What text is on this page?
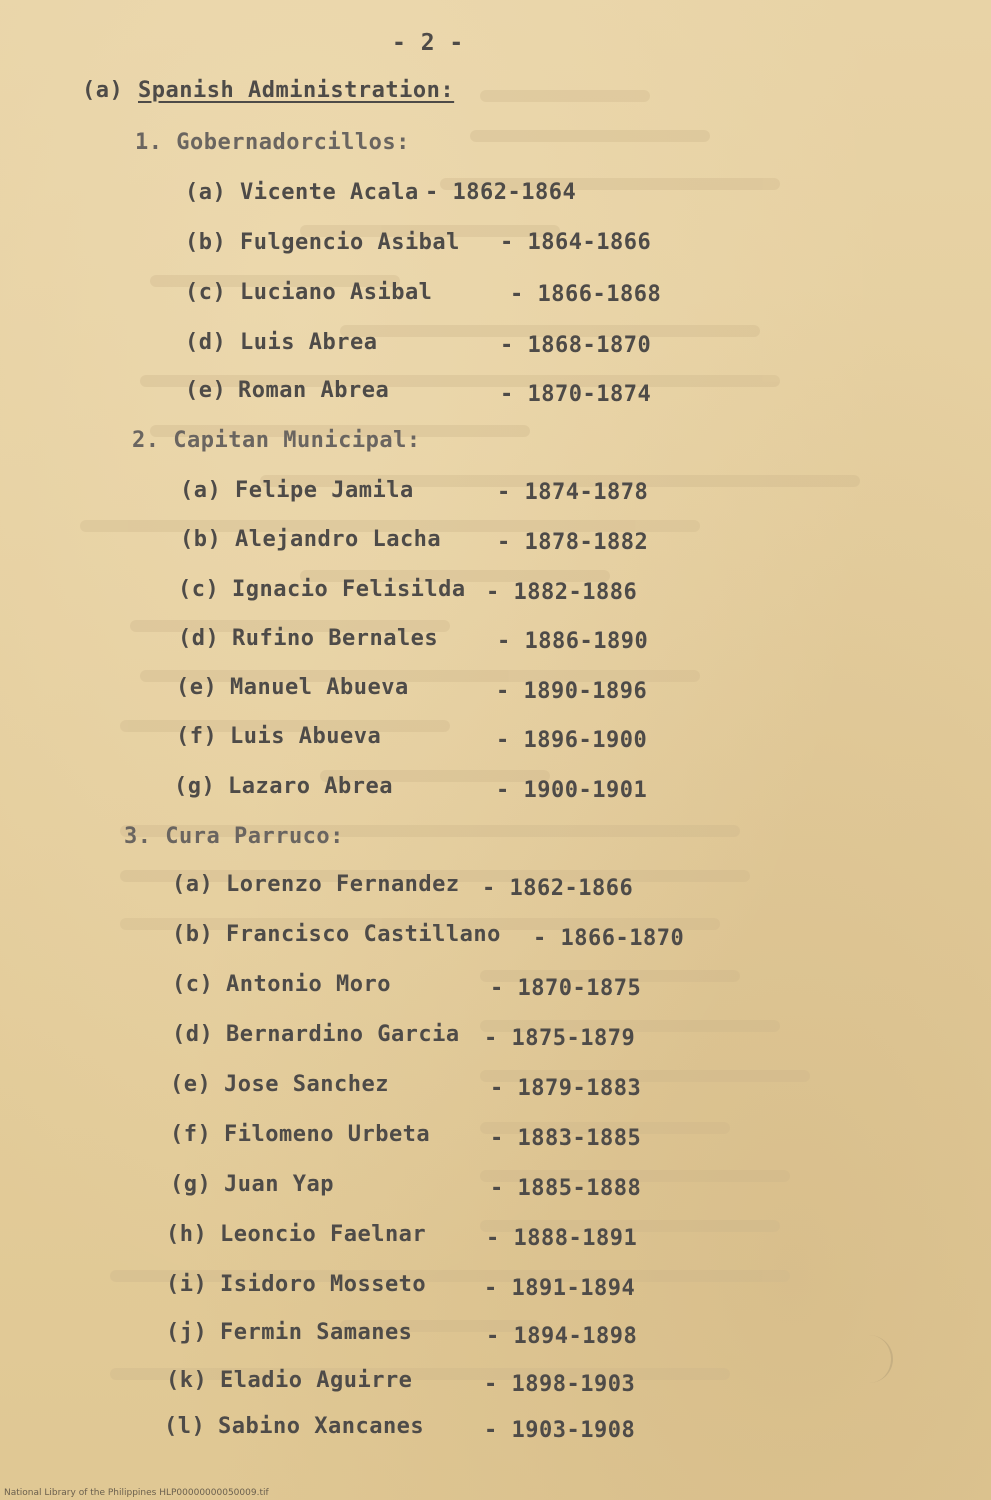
- 2 -
(a) Spanish Administration:
1. Gobernadorcillos:
(a) Vicente Acala - 1862-1864
(b) Fulgencio Asibal - 1864-1866
(c) Luciano Asibal	- 1866-1868
(d) Luis Abrea	- 1868-1870
(e) Roman Abrea	- 1870-1874
2. Capitan Municipal:
(a) Felipe Jamila	- 1874-1878
(b) Alejandro Lacha	- 1878-1882
(c) Ignacio Felisilda - 1882-1886
(d) Rufino Bernales	- 1886-1890
(e) Manuel Abueva	- 1890-1896
(f) Luis Abueva	- 1896-1900
(g) Lazaro Abrea	- 1900-1901
3. Cura Parruco:
(a) Lorenzo Fernandez - 1862-1866
(b) Francisco Castillano - 1866-1870
(c) Antonio Moro	- 1870-1875
(d) Bernardino Garcia - 1875-1879
(e) Jose Sanchez	- 1879-1883
(f) Filomeno Urbeta	- 1883-1885
(g) Juan Yap	- 1885-1888
(h) Leoncio Faelnar	- 1888-1891
(i) Isidoro Mosseto	- 1891-1894
(j) Fermin Samanes	- 1894-1898
(k) Eladio Aguirre	- 1898-1903
(l) Sabino Xancanes	- 1903-1908
National Library of the Philippines HLP00000000050009.tif
